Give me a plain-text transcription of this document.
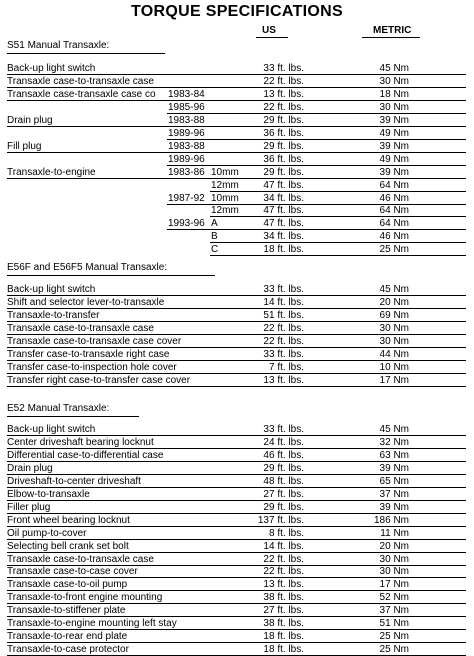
TORQUE SPECIFICATIONS
US	METRIC
S51 Manual Transaxle:
Back-up light switch	33 ft. lbs.	45 Nm
Transaxle case-to-transaxle case	22 ft. lbs.	30 Nm
Transaxle case-transaxle case co 1983-84	13 ft. lbs.	18 Nm
1985-96	22 ft. lbs.	30 Nm
Drain plug	1983-88	29 ft. lbs.	39 Nm
1989-96	36 ft. lbs.	49 Nm
Fill plug	1983-88	29 ft. lbs.	39 Nm
1989-96	36 ft. lbs.	49 Nm
Transaxle-to-engine	1983-86 10mm 29 ft. lbs.	39 Nm
12mm 47 ft. lbs.	64 Nm
1987-92 10mm 34 ft. lbs.	46 Nm
12mm 47 ft. lbs.	64 Nm
1993-96 A	47 ft. lbs.	64 Nm
B	34 ft. lbs.	46 Nm
C	18 ft. lbs.	25 Nm
E56F and E56F5 Manual Transaxle:
Back-up light switch	33 ft. lbs.	45 Nm
Shift and selector lever-to-transaxle	14 ft. lbs.	20 Nm
Transaxle-to-transfer	51 ft. lbs.	69 Nm
Transaxle case-to-transaxle case	22 ft. lbs.	30 Nm
Transaxle case-to-transaxle case cover	22 ft. lbs.	30 Nm
Transfer case-to-transaxle right case	33 ft. lbs.	44 Nm
Transfer case-to-inspection hole cover	7 ft. lbs.	10 Nm
Transfer right case-to-transfer case cover	13 ft. lbs.	17 Nm
E52 Manual Transaxle:
Back-up light switch	33 ft. lbs.	45 Nm
Center driveshaft bearing locknut	24 ft. lbs.	32 Nm
Differential case-to-differential case	46 ft. lbs.	63 Nm
Drain plug	29 ft. lbs.	39 Nm
Driveshaft-to-center driveshaft	48 ft. lbs.	65 Nm
Elbow-to-transaxle	27 ft. lbs.	37 Nm
Filler plug	29 ft. lbs.	39 Nm
Front wheel bearing locknut	137 ft. lbs.	186 Nm
Oil pump-to-cover	8 ft. lbs.	11 Nm
Selecting bell crank set bolt	14 ft. lbs.	20 Nm
Transaxle case-to-transaxle case	22 ft. lbs.	30 Nm
Transaxle case-to-case cover	22 ft. lbs.	30 Nm
Transaxle case-to-oil pump	13 ft. lbs.	17 Nm
Transaxle-to-front engine mounting	38 ft. lbs.	52 Nm
Transaxle-to-stiffener plate	27 ft. lbs.	37 Nm
Transaxle-to-engine mounting left stay	38 ft. lbs.	51 Nm
Transaxle-to-rear end plate	18 ft. lbs.	25 Nm
Transaxle-to-case protector	18 ft. lbs.	25 Nm
